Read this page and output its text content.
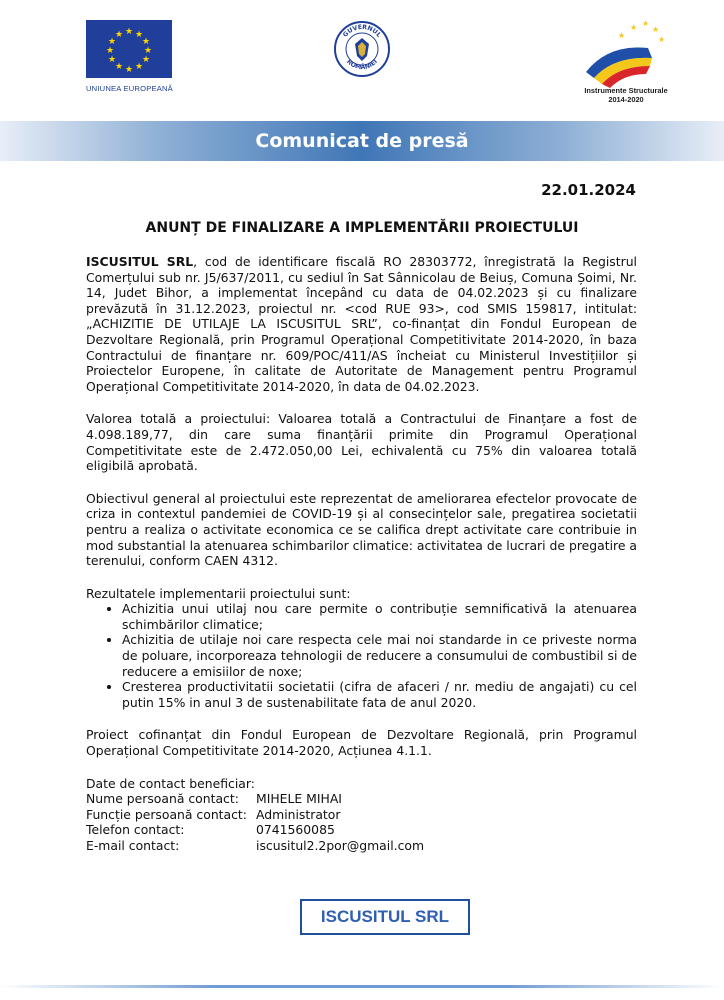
★ ★
★
★
★
★
★
★
★
★
★
★
UNIUNEA EUROPEANĂ
GUVERNUL
ROMÂNIEI
★
★ ★
★
★
Instrumente Structurale
2014-2020
Comunicat de presă
22.01.2024
ANUNȚ DE FINALIZARE A IMPLEMENTĂRII PROIECTULUI

ISCUSITUL SRL, cod de identificare fiscală RO 28303772, înregistrată la Registrul Comerțului sub nr. J5/637/2011, cu sediul în Sat Sânnicolau de Beiuș, Comuna Șoimi, Nr. 14, Judet Bihor, a implementat începând cu data de 04.02.2023 și cu finalizare prevăzută în 31.12.2023, proiectul nr. <cod RUE 93>, cod SMIS 159817, intitulat: „ACHIZITIE DE UTILAJE LA ISCUSITUL SRL”, co-finanțat din Fondul European de Dezvoltare Regională, prin Programul Operațional Competitivitate 2014-2020, în baza Contractului de finanțare nr. 609/POC/411/AS încheiat cu Ministerul Investițiilor și Proiectelor Europene, în calitate de Autoritate de Management pentru Programul Operațional Competitivitate 2014-2020, în data de 04.02.2023.

Valorea totală a proiectului: Valoarea totală a Contractului de Finanțare a fost de 4.098.189,77, din care suma finanțării primite din Programul Operațional Competitivitate este de 2.472.050,00 Lei, echivalentă cu 75% din valoarea totală eligibilă aprobată.

Obiectivul general al proiectului este reprezentat de ameliorarea efectelor provocate de criza in contextul pandemiei de COVID-19 și al consecințelor sale, pregatirea societatii pentru a realiza o activitate economica ce se califica drept activitate care contribuie in mod substantial la atenuarea schimbarilor climatice: activitatea de lucrari de pregatire a terenului, conform CAEN 4312.

Rezultatele implementarii proiectului sunt:
• Achizitia unui utilaj nou care permite o contribuție semnificativă la atenuarea schimbărilor climatice;
• Achizitia de utilaje noi care respecta cele mai noi standarde in ce priveste norma de poluare, incorporeaza tehnologii de reducere a consumului de combustibil si de reducere a emisiilor de noxe;
• Cresterea productivitatii societatii (cifra de afaceri / nr. mediu de angajati) cu cel putin 15% in anul 3 de sustenabilitate fata de anul 2020.

Proiect cofinanțat din Fondul European de Dezvoltare Regională, prin Programul Operațional Competitivitate 2014-2020, Acțiunea 4.1.1.

Date de contact beneficiar:
Nume persoană contact:	MIHELE MIHAI
Funcție persoană contact: Administrator
Telefon contact:	0741560085
E-mail contact:	iscusitul2.2por@gmail.com
ISCUSITUL SRL
